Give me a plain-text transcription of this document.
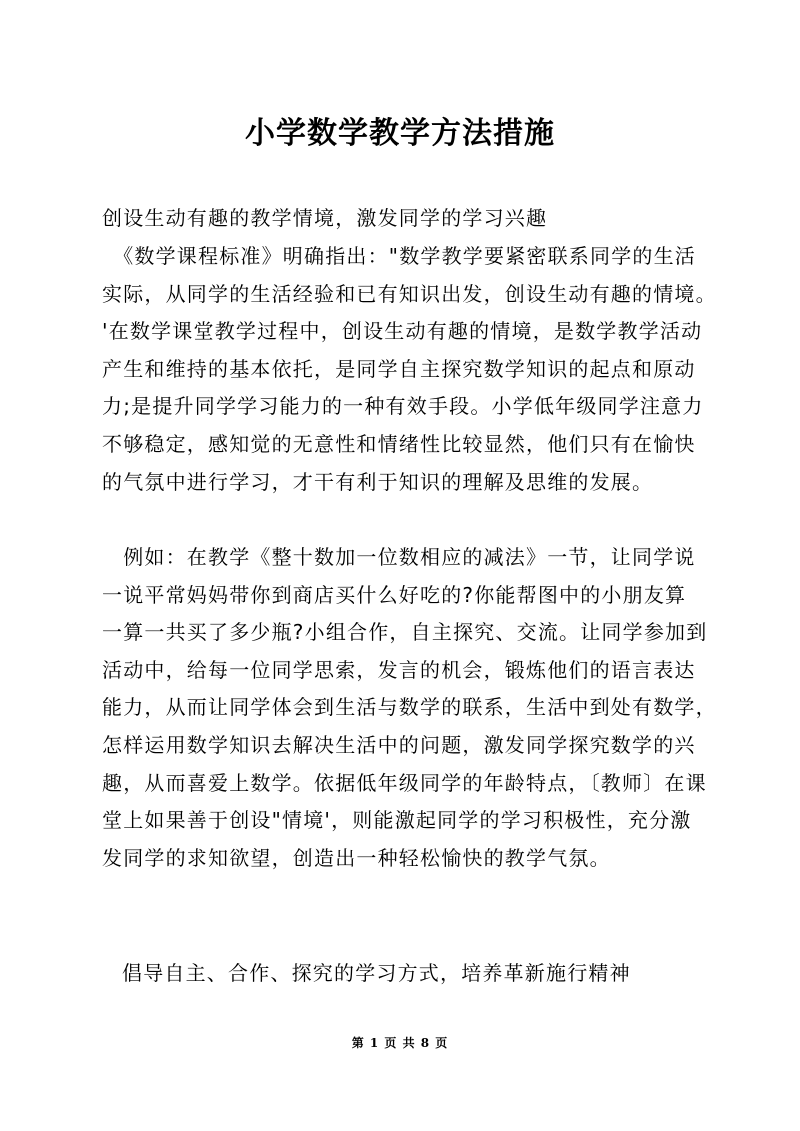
小学数学教学方法措施
创设生动有趣的教学情境，激发同学的学习兴趣
　《数学课程标准》明确指出："数学教学要紧密联系同学的生活
实际，从同学的生活经验和已有知识出发，创设生动有趣的情境。
'在数学课堂教学过程中，创设生动有趣的情境，是数学教学活动
产生和维持的基本依托，是同学自主探究数学知识的起点和原动
力;是提升同学学习能力的一种有效手段。小学低年级同学注意力
不够稳定，感知觉的无意性和情绪性比较显然，他们只有在愉快
的气氛中进行学习，才干有利于知识的理解及思维的发展。
　例如：在教学《整十数加一位数相应的减法》一节，让同学说
一说平常妈妈带你到商店买什么好吃的?你能帮图中的小朋友算
一算一共买了多少瓶?小组合作，自主探究、交流。让同学参加到
活动中，给每一位同学思索，发言的机会，锻炼他们的语言表达
能力，从而让同学体会到生活与数学的联系，生活中到处有数学，
怎样运用数学知识去解决生活中的问题，激发同学探究数学的兴
趣，从而喜爱上数学。依据低年级同学的年龄特点，〔教师〕在课
堂上如果善于创设"情境'，则能激起同学的学习积极性，充分激
发同学的求知欲望，创造出一种轻松愉快的教学气氛。
倡导自主、合作、探究的学习方式，培养革新施行精神
第 1 页 共 8 页
